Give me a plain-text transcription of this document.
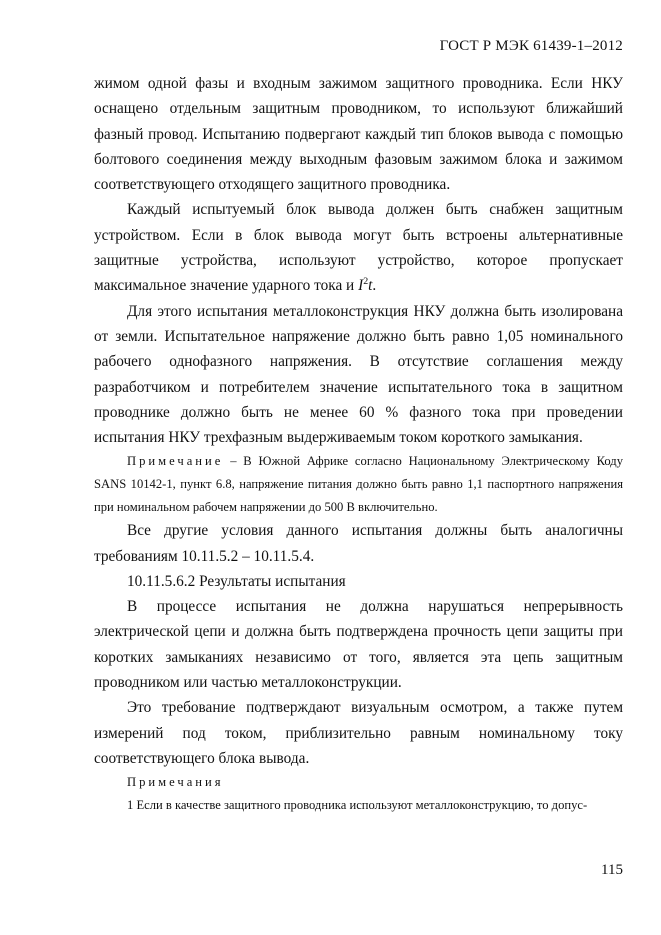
ГОСТ Р МЭК 61439-1–2012

жимом одной фазы и входным зажимом защитного проводника. Если НКУ оснащено отдельным защитным проводником, то используют ближайший фазный провод. Испытанию подвергают каждый тип блоков вывода с помощью болтового соединения между выходным фазовым зажимом блока и зажимом соответствующего отходящего защитного проводника.

Каждый испытуемый блок вывода должен быть снабжен защитным устройством. Если в блок вывода могут быть встроены альтернативные защитные устройства, используют устройство, которое пропускает максимальное значение ударного тока и $I^2t$.

Для этого испытания металлоконструкция НКУ должна быть изолирована от земли. Испытательное напряжение должно быть равно 1,05 номинального рабочего однофазного напряжения. В отсутствие соглашения между разработчиком и потребителем значение испытательного тока в защитном проводнике должно быть не менее 60 % фазного тока при проведении испытания НКУ трехфазным выдерживаемым током короткого замыкания.

Примечание – В Южной Африке согласно Национальному Электрическому Коду SANS 10142-1, пункт 6.8, напряжение питания должно быть равно 1,1 паспортного напряжения при номинальном рабочем напряжении до 500 В включительно.

Все другие условия данного испытания должны быть аналогичны требованиям 10.11.5.2 – 10.11.5.4.

10.11.5.6.2 Результаты испытания

В процессе испытания не должна нарушаться непрерывность электрической цепи и должна быть подтверждена прочность цепи защиты при коротких замыканиях независимо от того, является эта цепь защитным проводником или частью металлоконструкции.

Это требование подтверждают визуальным осмотром, а также путем измерений под током, приблизительно равным номинальному току соответствующего блока вывода.

Примечания

1 Если в качестве защитного проводника используют металлоконструкцию, то допус-

115
